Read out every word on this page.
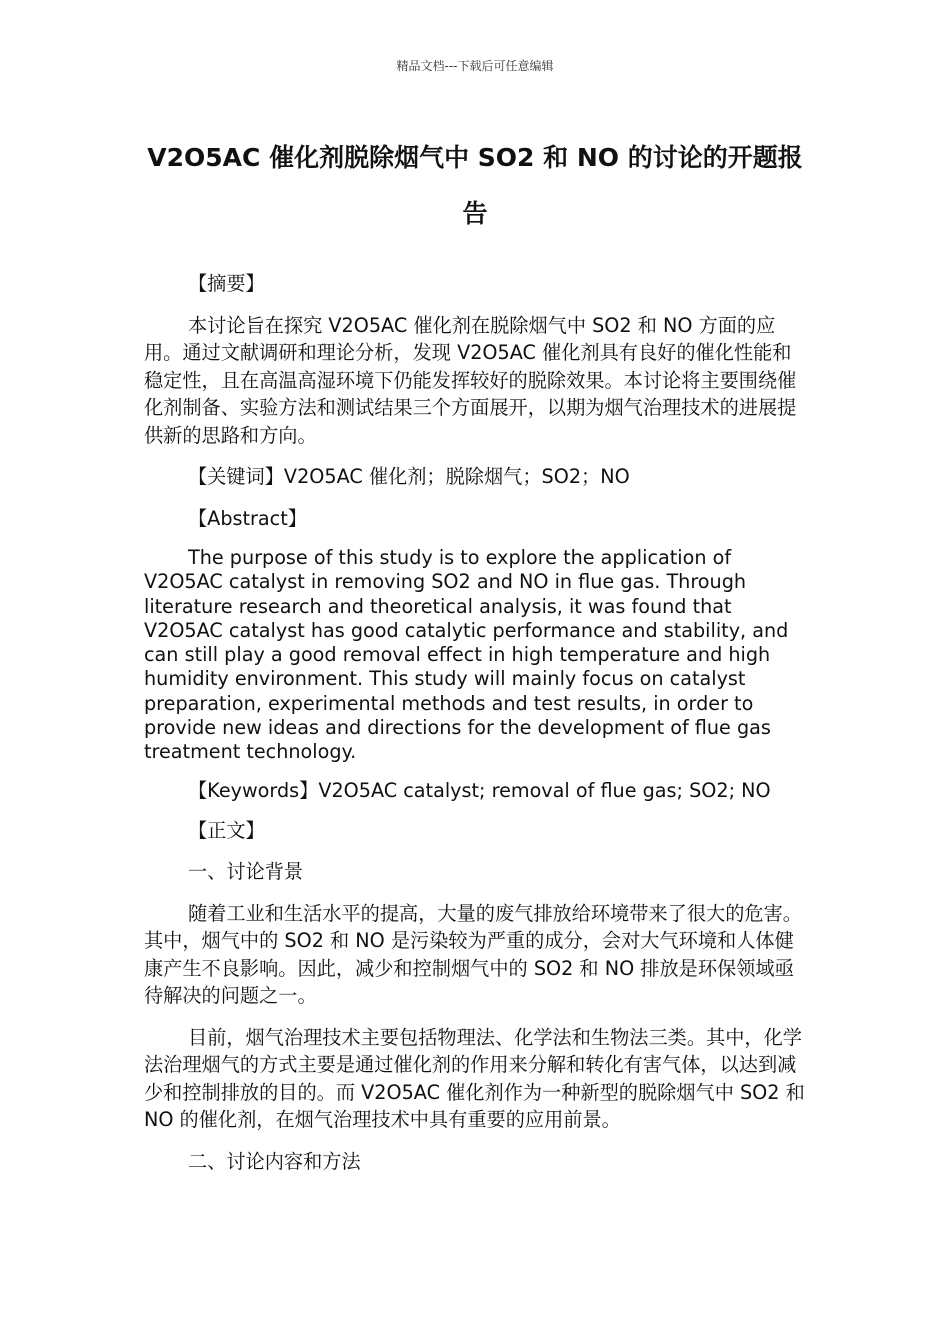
精品文档---下载后可任意编辑
V2O5AC 催化剂脱除烟气中 SO2 和 NO 的讨论的开题报告

【摘要】

本讨论旨在探究 V2O5AC 催化剂在脱除烟气中 SO2 和 NO 方面的应用。通过文献调研和理论分析，发现 V2O5AC 催化剂具有良好的催化性能和稳定性，且在高温高湿环境下仍能发挥较好的脱除效果。本讨论将主要围绕催化剂制备、实验方法和测试结果三个方面展开，以期为烟气治理技术的进展提供新的思路和方向。

【关键词】V2O5AC 催化剂；脱除烟气；SO2；NO

【Abstract】

The purpose of this study is to explore the application of V2O5AC catalyst in removing SO2 and NO in flue gas. Through literature research and theoretical analysis, it was found that V2O5AC catalyst has good catalytic performance and stability, and can still play a good removal effect in high temperature and high humidity environment. This study will mainly focus on catalyst preparation, experimental methods and test results, in order to provide new ideas and directions for the development of flue gas treatment technology.

【Keywords】V2O5AC catalyst; removal of flue gas; SO2; NO

【正文】

一、讨论背景

随着工业和生活水平的提高，大量的废气排放给环境带来了很大的危害。其中，烟气中的 SO2 和 NO 是污染较为严重的成分，会对大气环境和人体健康产生不良影响。因此，减少和控制烟气中的 SO2 和 NO 排放是环保领域亟待解决的问题之一。

目前，烟气治理技术主要包括物理法、化学法和生物法三类。其中，化学法治理烟气的方式主要是通过催化剂的作用来分解和转化有害气体，以达到减少和控制排放的目的。而 V2O5AC 催化剂作为一种新型的脱除烟气中 SO2 和 NO 的催化剂，在烟气治理技术中具有重要的应用前景。

二、讨论内容和方法
